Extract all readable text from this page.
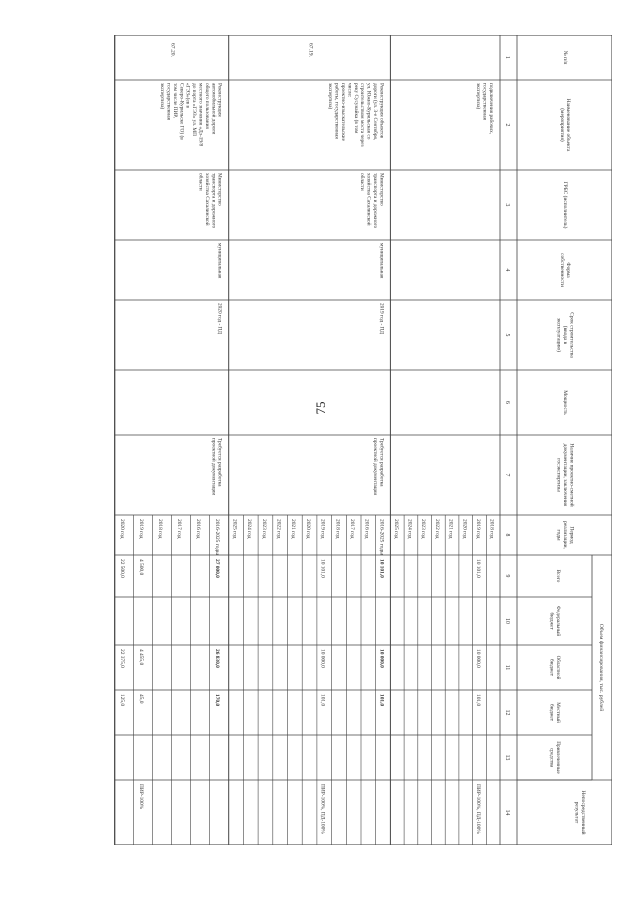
75
№ п/п
Наименование объекта(мероприятия)
ГРБС (исполнитель)
Формасобственности
Срок строительства(ввода вэксплуатацию)
Мощность
Наличие проектно-сметнойдокументации, заключениягосэкспертизы
Периодреализации,годы
Объем финансирования, тыс. рублей
Всего
Федеральныйбюджет
Областнойбюджет
Местныйбюджет
Привлеченныесредства
Непосредственныйрезультат
1
2
3
4
5
6
7
8
9
10
11
12
13
14
2018 год
2019 год
10 101,0
10 000,0
101,0
ПИР-100%, ПД-100%
2020 год
2021 год
2022 год
2023 год
2024 год
2025 год
подключения рабочих,государственнаяэкспертиза)
2016-2025 годы
10 101,0
10 000,0
101,0
2016 год
2017 год
2018 год
2019 год
10 101,0
10 000,0
101,0
ПИР-100%, ПД-100%
2020 год
2021 год
2022 год
2023 год
2024 год
2025 год
67.19.
Реконструкция объектовдороги (ул. 3-е Сентября,ул. Южно-Курильская состроительством моста черезреку Сусунайка (в томчисле:проектно-изыскательскиеработы, государственнаяэкспертиза)
Министерствотранспорта и дорожногохозяйства Сахалинскойобласти
муниципальная
2019 год - ПД
Требуется разработкапроектной документации
2016-2025 годы
27 000,0
26 830,0
170,0
2016 год
2017 год
2018 год
2019 год
4 500,0
4 455,0
45,0
ПИР-100%
2020 год
22 500,0
22 375,0
125,0
67.20.
Реконструкцияавтомобильной дорогиобщего пользованияместного значения «Дз-19/8до порта «ГЭЗ» ул. МП«ГЭЗ»(ев вСеверо-Курильске ГО) (втом числе ПИР,государственнаяэкспертиза)
Министерствотранспорта и дорожногохозяйства Сахалинскойобласти
муниципальная
2020 год - ПД
Требуется разработкапроектной документации
